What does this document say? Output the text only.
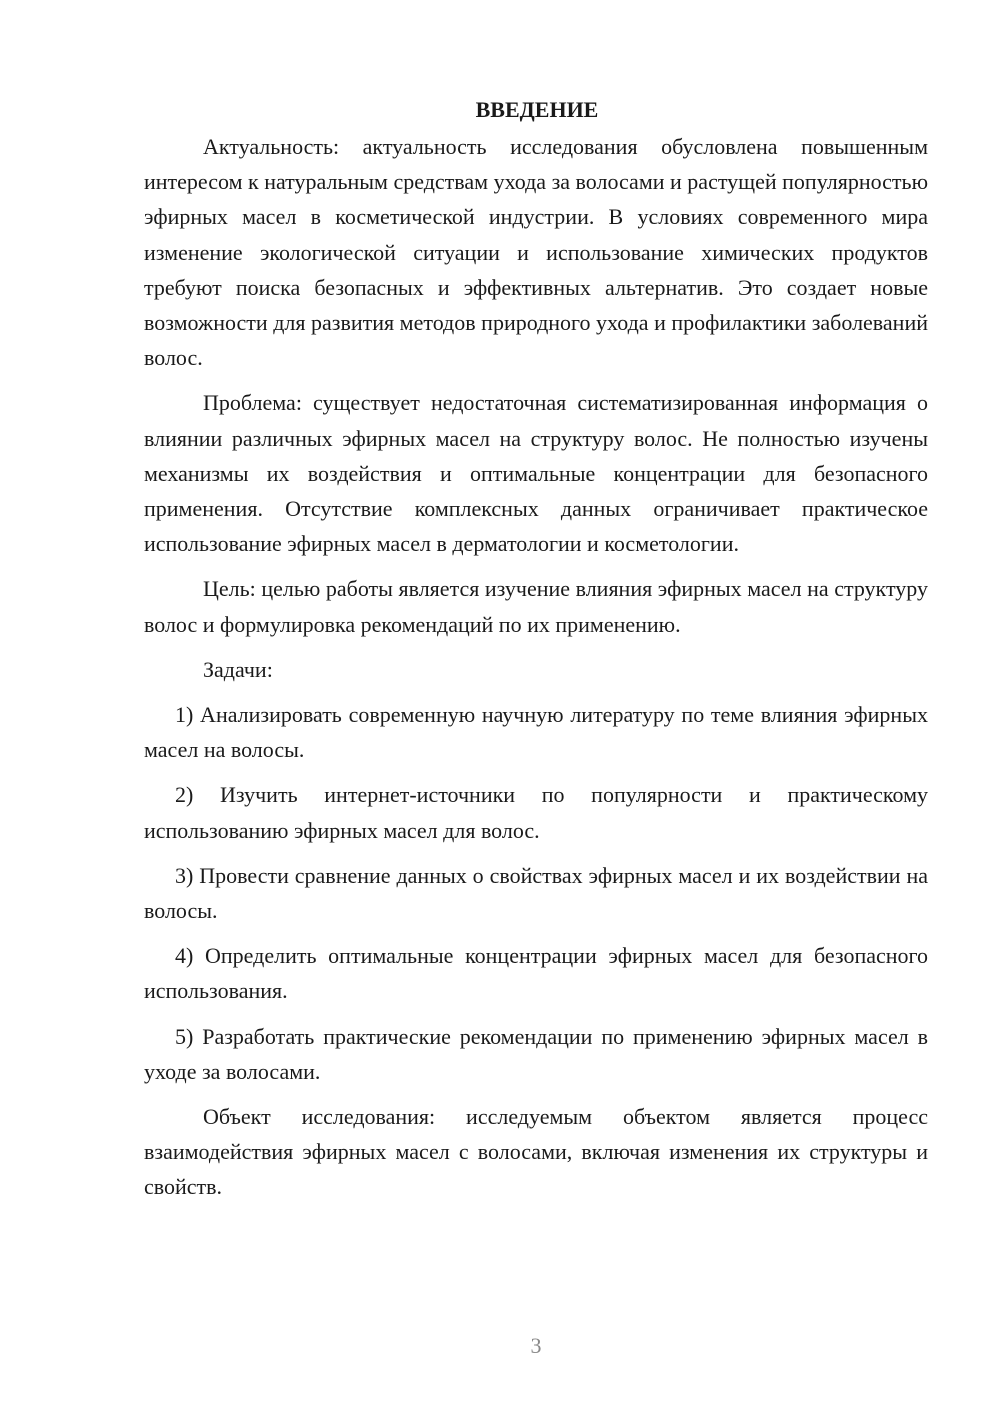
ВВЕДЕНИЕ

Актуальность: актуальность исследования обусловлена повышенным интересом к натуральным средствам ухода за волосами и растущей популярностью эфирных масел в косметической индустрии. В условиях современного мира изменение экологической ситуации и использование химических продуктов требуют поиска безопасных и эффективных альтернатив. Это создает новые возможности для развития методов природного ухода и профилактики заболеваний волос.

Проблема: существует недостаточная систематизированная информация о влиянии различных эфирных масел на структуру волос. Не полностью изучены механизмы их воздействия и оптимальные концентрации для безопасного применения. Отсутствие комплексных данных ограничивает практическое использование эфирных масел в дерматологии и косметологии.

Цель: целью работы является изучение влияния эфирных масел на структуру волос и формулировка рекомендаций по их применению.

Задачи:

1) Анализировать современную научную литературу по теме влияния эфирных масел на волосы.

2) Изучить интернет-источники по популярности и практическому использованию эфирных масел для волос.

3) Провести сравнение данных о свойствах эфирных масел и их воздействии на волосы.

4) Определить оптимальные концентрации эфирных масел для безопасного использования.

5) Разработать практические рекомендации по применению эфирных масел в уходе за волосами.

Объект исследования: исследуемым объектом является процесс взаимодействия эфирных масел с волосами, включая изменения их структуры и свойств.

3
